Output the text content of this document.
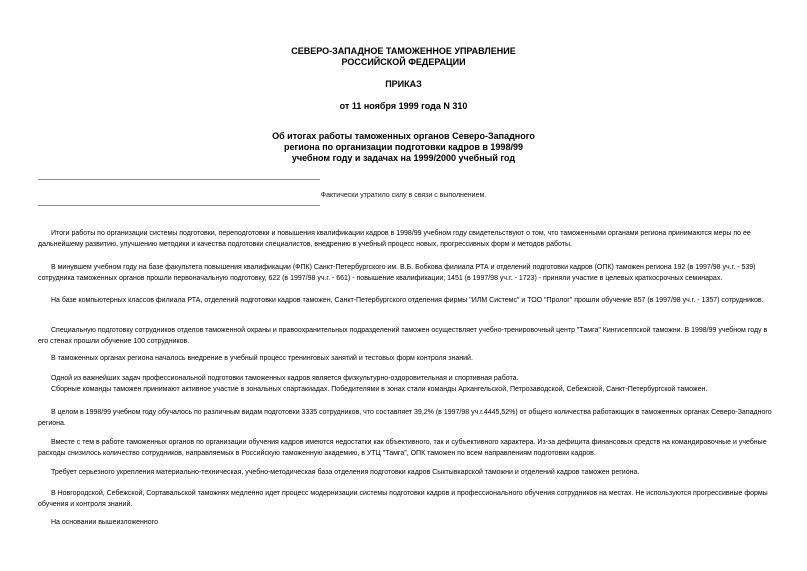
СЕВЕРО-ЗАПАДНОЕ ТАМОЖЕННОЕ УПРАВЛЕНИЕ
РОССИЙСКОЙ ФЕДЕРАЦИИ
ПРИКАЗ
от 11 ноября 1999 года N 310
Об итогах работы таможенных органов Северо-Западного
региона по организации подготовки кадров в 1998/99
учебном году и задачах на 1999/2000 учебный год
Фактически утратило силу в связи с выполнением.
Итоги работы по организации системы подготовки, переподготовки и повышения квалификации кадров в 1998/99 учебном году свидетельствуют о том, что таможенными органами региона принимаются меры по ее дальнейшему развитию, улучшению методики и качества подготовки специалистов, внедрению в учебный процесс новых, прогрессивных форм и методов работы.
В минувшем учебном году на базе факультета повышения квалификации (ФПК) Санкт-Петербургского им. В.Б. Бобкова филиала РТА и отделений подготовки кадров (ОПК) таможен региона 192 (в 1997/98 уч.г. - 539) сотрудника таможенных органов прошли первоначальную подготовку, 622 (в 1997/98 уч.г. - 661) - повышение квалификации; 1451 (в 1997/98 уч.г. - 1723) - приняли участие в целевых краткосрочных семинарах.
На базе компьютерных классов филиала РТА, отделений подготовки кадров таможен, Санкт-Петербургского отделения фирмы "ИЛМ Системс" и ТОО "Пролог" прошли обучение 857 (в 1997/98 уч.г. - 1357) сотрудников.
Специальную подготовку сотрудников отделов таможенной охраны и правоохранительных подразделений таможен осуществляет учебно-тренировочный центр "Тамга" Кингисеппской таможни. В 1998/99 учебном году в его стенах прошли обучение 100 сотрудников.
В таможенных органах региона началось внедрение в учебный процесс тренинговых занятий и тестовых форм контроля знаний.
Одной из важнейших задач профессиональной подготовки таможенных кадров является физкультурно-оздоровительная и спортивная работа.
Сборные команды таможен принимают активное участие в зональных спартакиадах. Победителями в зонах стали команды Архангельской, Петрозаводской, Себежской, Санкт-Петербургской таможен.
В целом в 1998/99 учебном году обучалось по различным видам подготовки 3335 сотрудников, что составляет 39,2% (в 1997/98 уч.г.4445,52%) от общего количества работающих в таможенных органах Северо-Западного региона.
Вместе с тем в работе таможенных органов по организации обучения кадров имеются недостатки как объективного, так и субъективного характера. Из-за дефицита финансовых средств на командировочные и учебные расходы снизилось количество сотрудников, направляемых в Российскую таможенную академию, в УТЦ "Тамга", ОПК таможен по всем направлениям подготовки кадров.
Требует серьезного укрепления материально-техническая, учебно-методическая база отделения подготовки кадров Сыктывкарской таможни и отделений кадров таможен региона.
В Новгородской, Себежской, Сортавальской таможнях медленно идет процесс модернизации системы подготовки кадров и профессионального обучения сотрудников на местах. Не используются прогрессивные формы обучения и контроля знаний.
На основании вышеизложенного
